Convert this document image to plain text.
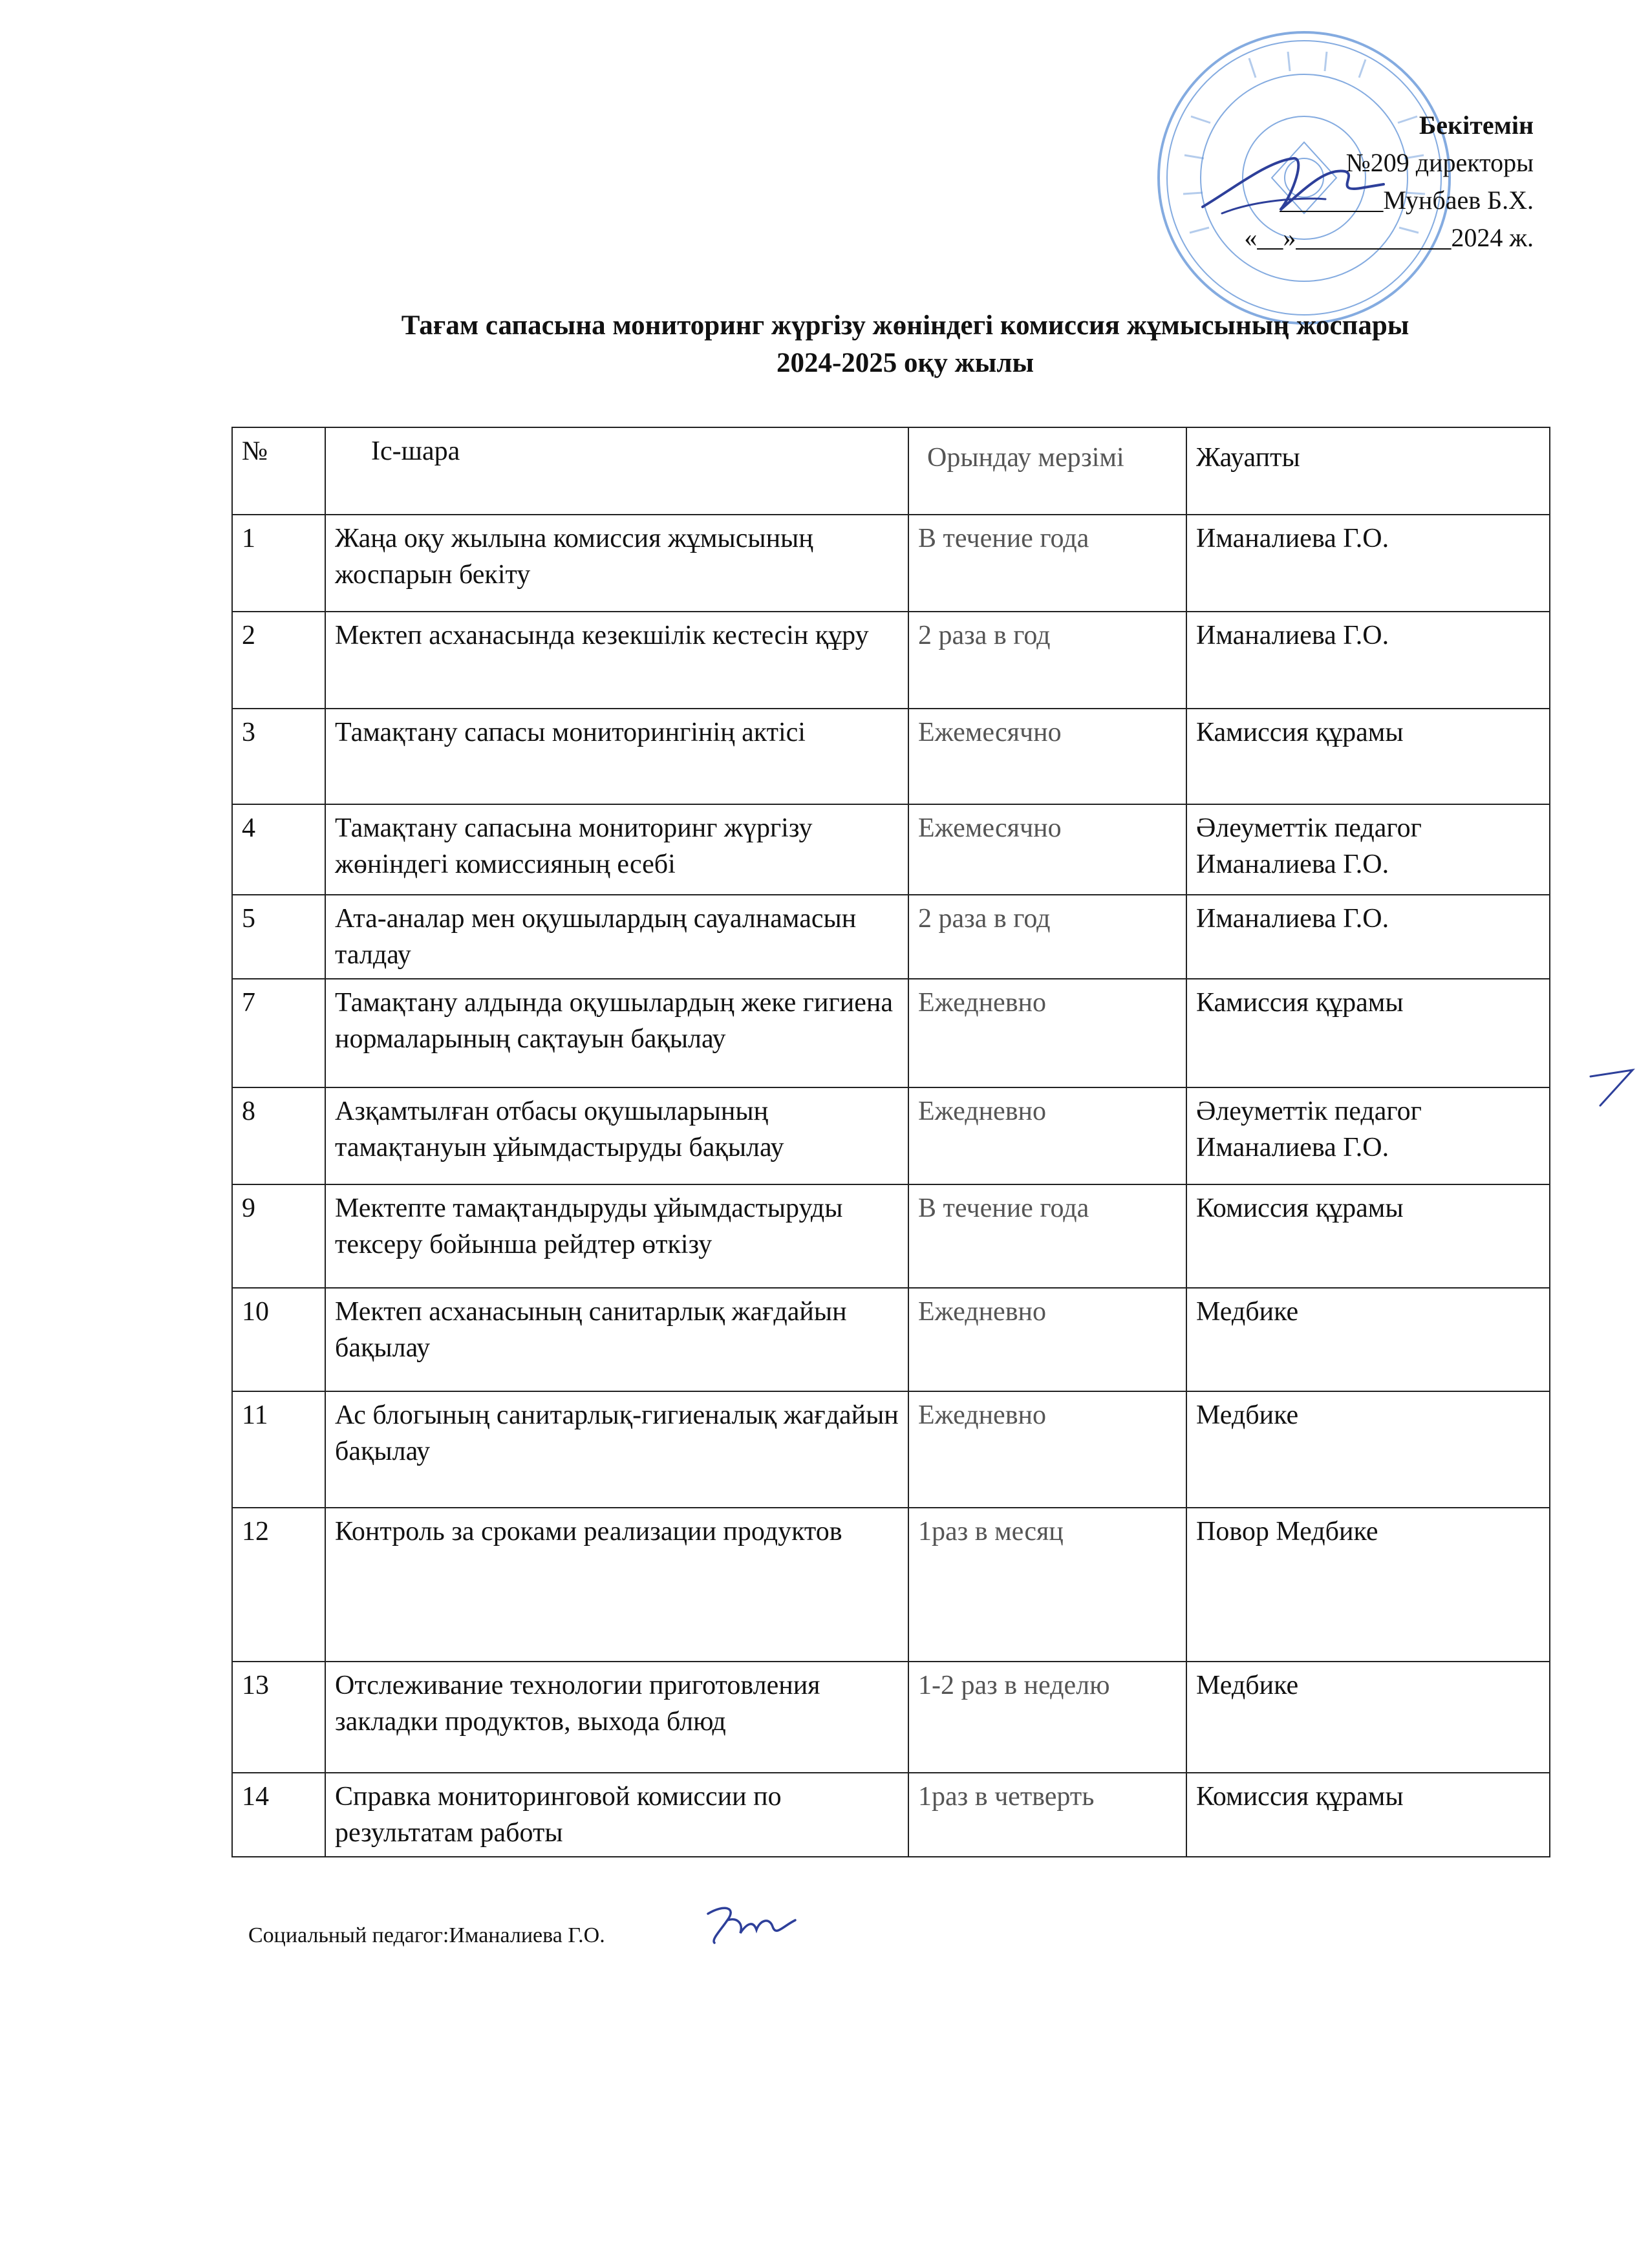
Бекітемін
№209 директоры
________Мунбаев Б.Х.
«__»____________2024 ж.
Тағам сапасына мониторинг жүргізу жөніндегі комиссия жұмысының жоспары
2024-2025 оқу жылы
№	Іс-шара	Орындау мерзімі	Жауапты
1	Жаңа оқу жылына комиссия жұмысының жоспарын бекіту	В течение года	Иманалиева Г.О.
2	Мектеп асханасында кезекшілік кестесін құру	2 раза в год	Иманалиева Г.О.
3	Тамақтану сапасы мониторингінің актісі	Ежемесячно	Камиссия құрамы
4	Тамақтану сапасына мониторинг жүргізу жөніндегі комиссияның есебі	Ежемесячно	Әлеуметтік педагог Иманалиева Г.О.
5	Ата-аналар мен оқушылардың сауалнамасын талдау	2 раза в год	Иманалиева Г.О.
7	Тамақтану алдында оқушылардың жеке гигиена нормаларының сақтауын бақылау	Ежедневно	Камиссия құрамы
8	Азқамтылған отбасы оқушыларының тамақтануын ұйымдастыруды бақылау	Ежедневно	Әлеуметтік педагог Иманалиева Г.О.
9	Мектепте тамақтандыруды ұйымдастыруды тексеру бойынша рейдтер өткізу	В течение года	Комиссия құрамы
10	Мектеп асханасының санитарлық жағдайын бақылау	Ежедневно	Медбике
11	Ас блогының санитарлық-гигиеналық жағдайын бақылау	Ежедневно	Медбике
12	Контроль за сроками реализации продуктов	1раз в месяц	Повор Медбике
13	Отслеживание технологии приготовления закладки продуктов, выхода блюд	1-2 раз в неделю	Медбике
14	Справка мониторинговой комиссии по результатам работы	1раз в четверть	Комиссия құрамы
Социальный педагог:Иманалиева Г.О.
